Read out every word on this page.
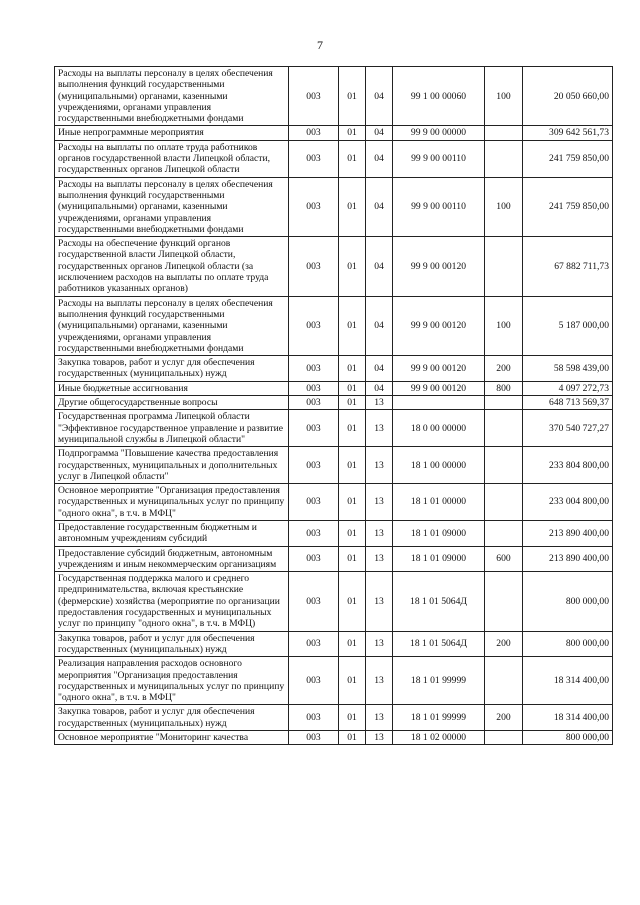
7
Расходы на выплаты персоналу в целях обеспечения выполнения функций государственными (муниципальными) органами, казенными учреждениями, органами управления государственными внебюджетными фондами	003	01	04	99 1 00 00060	100	20 050 660,00
Иные непрограммные мероприятия	003	01	04	99 9 00 00000		309 642 561,73
Расходы на выплаты по оплате труда работников органов государственной власти Липецкой области, государственных органов Липецкой области	003	01	04	99 9 00 00110		241 759 850,00
Расходы на выплаты персоналу в целях обеспечения выполнения функций государственными (муниципальными) органами, казенными учреждениями, органами управления государственными внебюджетными фондами	003	01	04	99 9 00 00110	100	241 759 850,00
Расходы на обеспечение функций органов государственной власти Липецкой области, государственных органов Липецкой области (за исключением расходов на выплаты по оплате труда работников указанных органов)	003	01	04	99 9 00 00120		67 882 711,73
Расходы на выплаты персоналу в целях обеспечения выполнения функций государственными (муниципальными) органами, казенными учреждениями, органами управления государственными внебюджетными фондами	003	01	04	99 9 00 00120	100	5 187 000,00
Закупка товаров, работ и услуг для обеспечения государственных (муниципальных) нужд	003	01	04	99 9 00 00120	200	58 598 439,00
Иные бюджетные ассигнования	003	01	04	99 9 00 00120	800	4 097 272,73
Другие общегосударственные вопросы	003	01	13			648 713 569,37
Государственная программа Липецкой области "Эффективное государственное управление и развитие муниципальной службы в Липецкой области"	003	01	13	18 0 00 00000		370 540 727,27
Подпрограмма "Повышение качества предоставления государственных, муниципальных и дополнительных услуг в Липецкой области"	003	01	13	18 1 00 00000		233 804 800,00
Основное мероприятие "Организация предоставления государственных и муниципальных услуг по принципу "одного окна", в т.ч. в МФЦ"	003	01	13	18 1 01 00000		233 004 800,00
Предоставление государственным бюджетным и автономным учреждениям субсидий	003	01	13	18 1 01 09000		213 890 400,00
Предоставление субсидий бюджетным, автономным учреждениям и иным некоммерческим организациям	003	01	13	18 1 01 09000	600	213 890 400,00
Государственная поддержка малого и среднего предпринимательства, включая крестьянские (фермерские) хозяйства (мероприятие по организации предоставления государственных и муниципальных услуг по принципу "одного окна", в т.ч. в МФЦ)	003	01	13	18 1 01 5064Д		800 000,00
Закупка товаров, работ и услуг для обеспечения государственных (муниципальных) нужд	003	01	13	18 1 01 5064Д	200	800 000,00
Реализация направления расходов основного мероприятия "Организация предоставления государственных и муниципальных услуг по принципу "одного окна", в т.ч. в МФЦ"	003	01	13	18 1 01 99999		18 314 400,00
Закупка товаров, работ и услуг для обеспечения государственных (муниципальных) нужд	003	01	13	18 1 01 99999	200	18 314 400,00
Основное мероприятие "Мониторинг качества	003	01	13	18 1 02 00000		800 000,00
